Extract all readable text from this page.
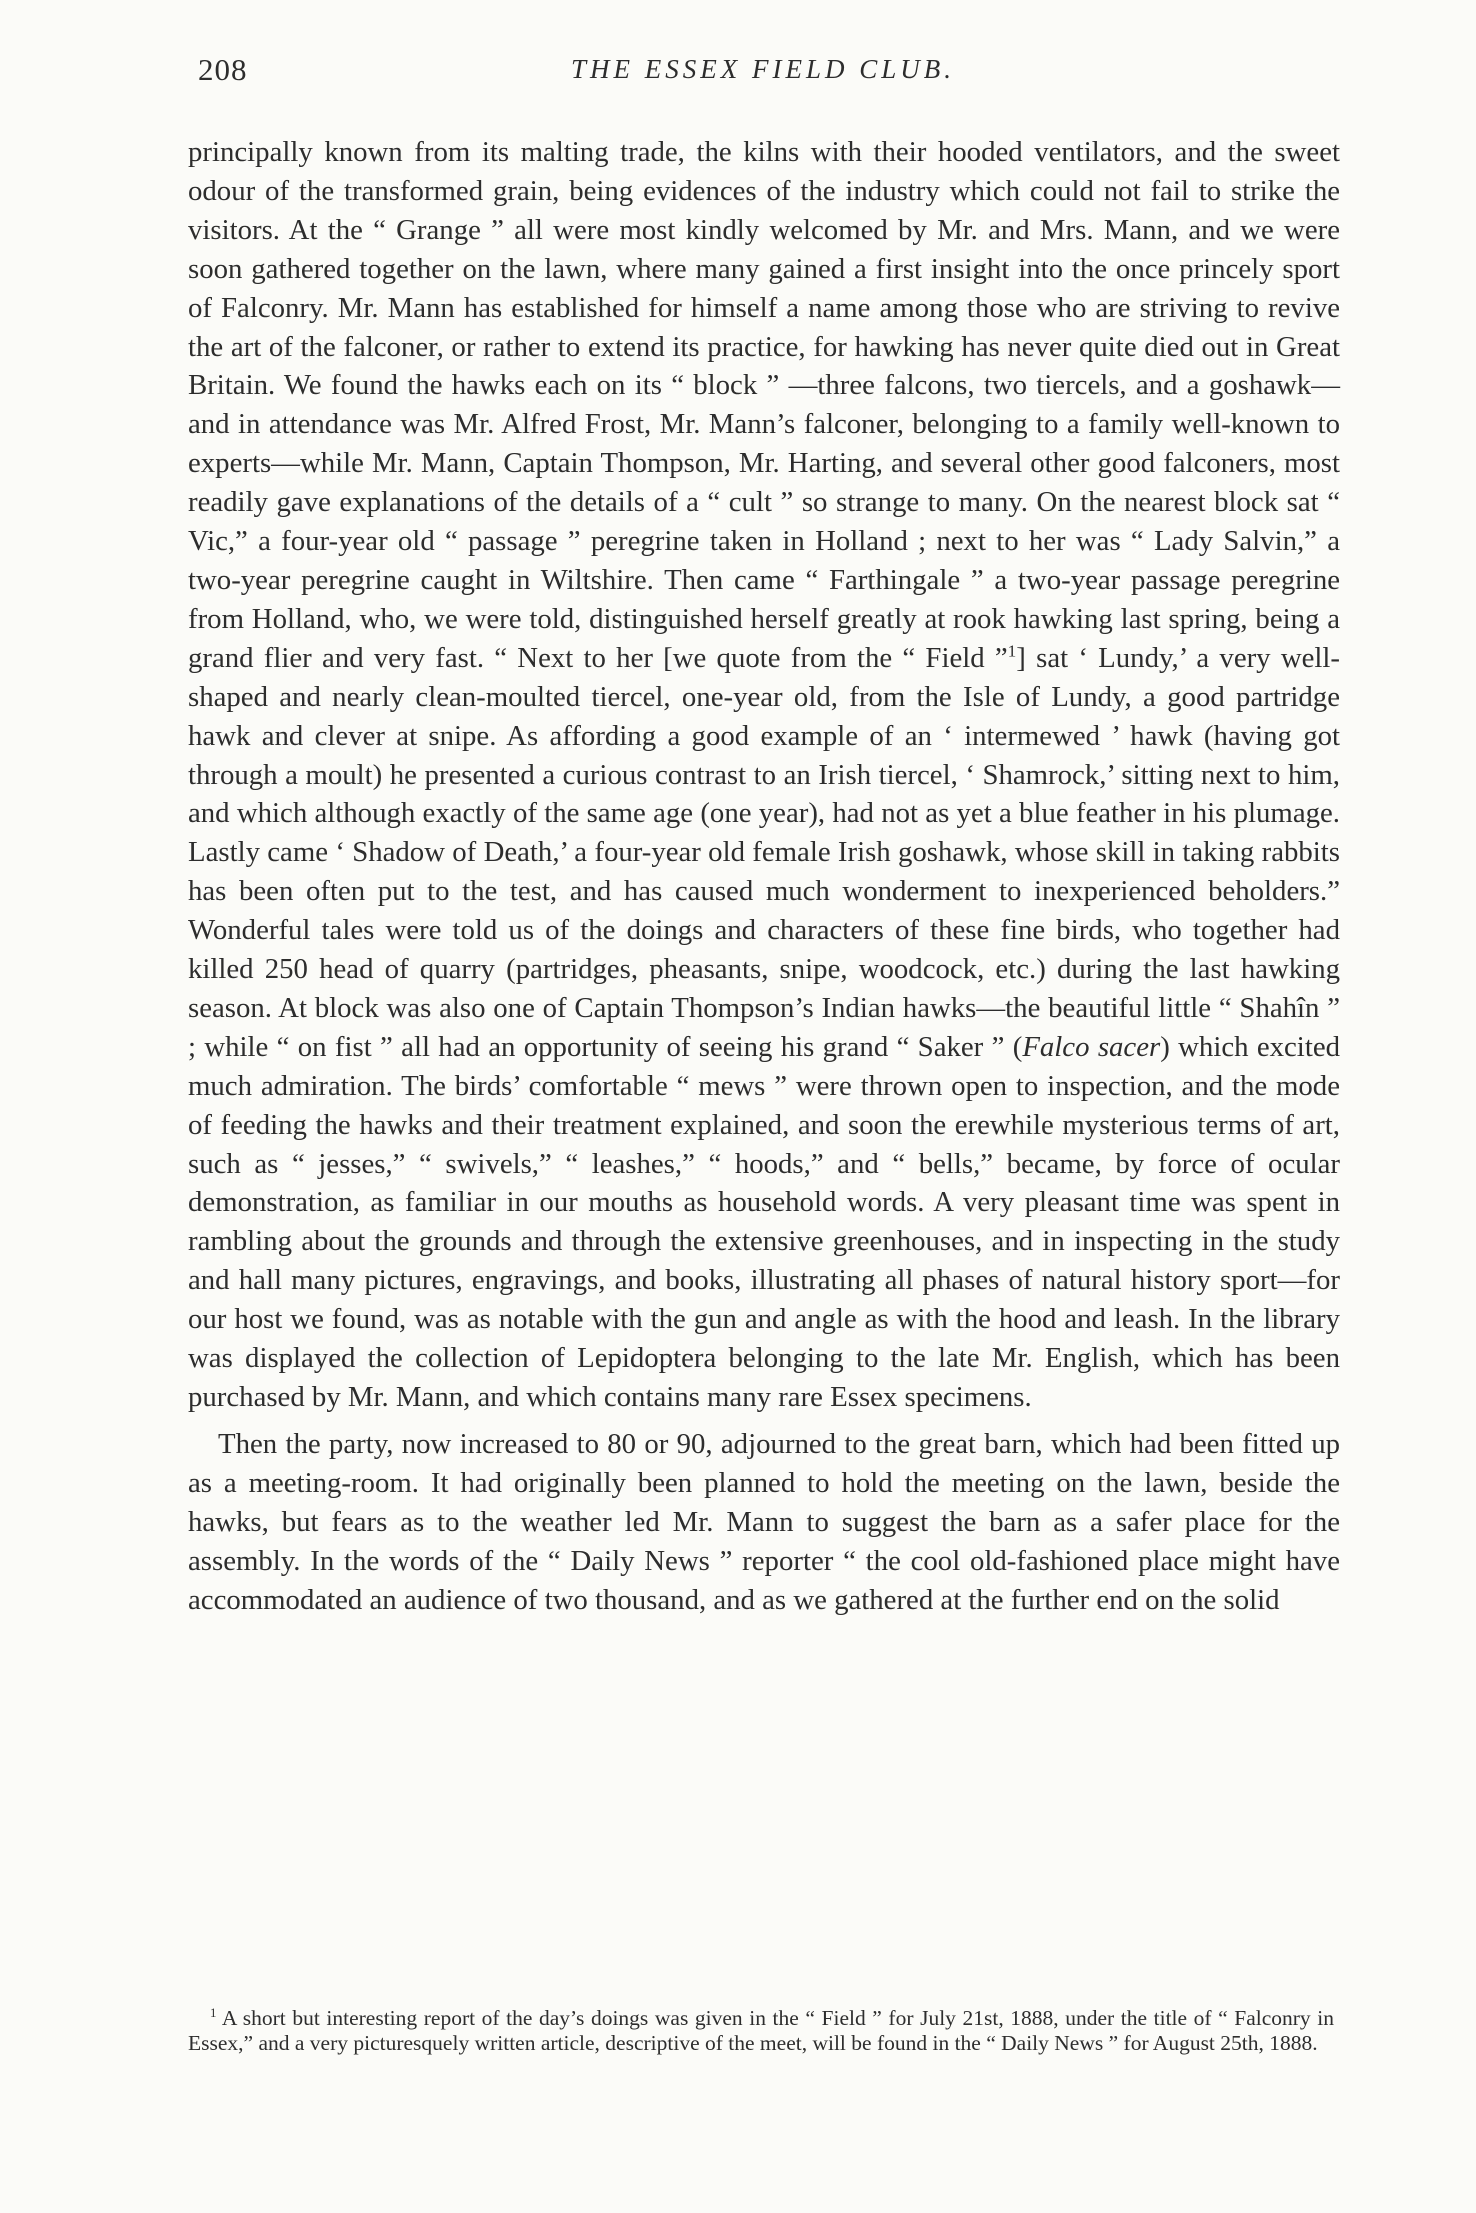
208	THE ESSEX FIELD CLUB.

principally known from its malting trade, the kilns with their hooded ventilators, and the sweet odour of the transformed grain, being evidences of the industry which could not fail to strike the visitors. At the “ Grange ” all were most kindly welcomed by Mr. and Mrs. Mann, and we were soon gathered together on the lawn, where many gained a first insight into the once princely sport of Falconry. Mr. Mann has established for himself a name among those who are striving to revive the art of the falconer, or rather to extend its practice, for hawking has never quite died out in Great Britain. We found the hawks each on its “ block ” —three falcons, two tiercels, and a goshawk—and in attendance was Mr. Alfred Frost, Mr. Mann’s falconer, belonging to a family well-known to experts—while Mr. Mann, Captain Thompson, Mr. Harting, and several other good falconers, most readily gave explanations of the details of a “ cult ” so strange to many. On the nearest block sat “ Vic,” a four-year old “ passage ” peregrine taken in Holland ; next to her was “ Lady Salvin,” a two-year peregrine caught in Wiltshire. Then came “ Farthingale ” a two-year passage peregrine from Holland, who, we were told, distinguished herself greatly at rook hawking last spring, being a grand flier and very fast. “ Next to her [we quote from the “ Field ”$^1$] sat ‘ Lundy,’ a very well-shaped and nearly clean-moulted tiercel, one-year old, from the Isle of Lundy, a good partridge hawk and clever at snipe. As affording a good example of an ‘ intermewed ’ hawk (having got through a moult) he presented a curious contrast to an Irish tiercel, ‘ Shamrock,’ sitting next to him, and which although exactly of the same age (one year), had not as yet a blue feather in his plumage. Lastly came ‘ Shadow of Death,’ a four-year old female Irish goshawk, whose skill in taking rabbits has been often put to the test, and has caused much wonderment to inexperienced beholders.” Wonderful tales were told us of the doings and characters of these fine birds, who together had killed 250 head of quarry (partridges, pheasants, snipe, woodcock, etc.) during the last hawking season. At block was also one of Captain Thompson’s Indian hawks—the beautiful little “ Shahîn ” ; while “ on fist ” all had an opportunity of seeing his grand “ Saker ” (Falco sacer) which excited much admiration. The birds’ comfortable “ mews ” were thrown open to inspection, and the mode of feeding the hawks and their treatment explained, and soon the erewhile mysterious terms of art, such as “ jesses,” “ swivels,” “ leashes,” “ hoods,” and “ bells,” became, by force of ocular demonstration, as familiar in our mouths as household words. A very pleasant time was spent in rambling about the grounds and through the extensive greenhouses, and in inspecting in the study and hall many pictures, engravings, and books, illustrating all phases of natural history sport—for our host we found, was as notable with the gun and angle as with the hood and leash. In the library was displayed the collection of Lepidoptera belonging to the late Mr. English, which has been purchased by Mr. Mann, and which contains many rare Essex specimens.

Then the party, now increased to 80 or 90, adjourned to the great barn, which had been fitted up as a meeting-room. It had originally been planned to hold the meeting on the lawn, beside the hawks, but fears as to the weather led Mr. Mann to suggest the barn as a safer place for the assembly. In the words of the “ Daily News ” reporter “ the cool old-fashioned place might have accommodated an audience of two thousand, and as we gathered at the further end on the solid

$^1$ A short but interesting report of the day’s doings was given in the “ Field ” for July 21st, 1888, under the title of “ Falconry in Essex,” and a very picturesquely written article, descriptive of the meet, will be found in the “ Daily News ” for August 25th, 1888.
